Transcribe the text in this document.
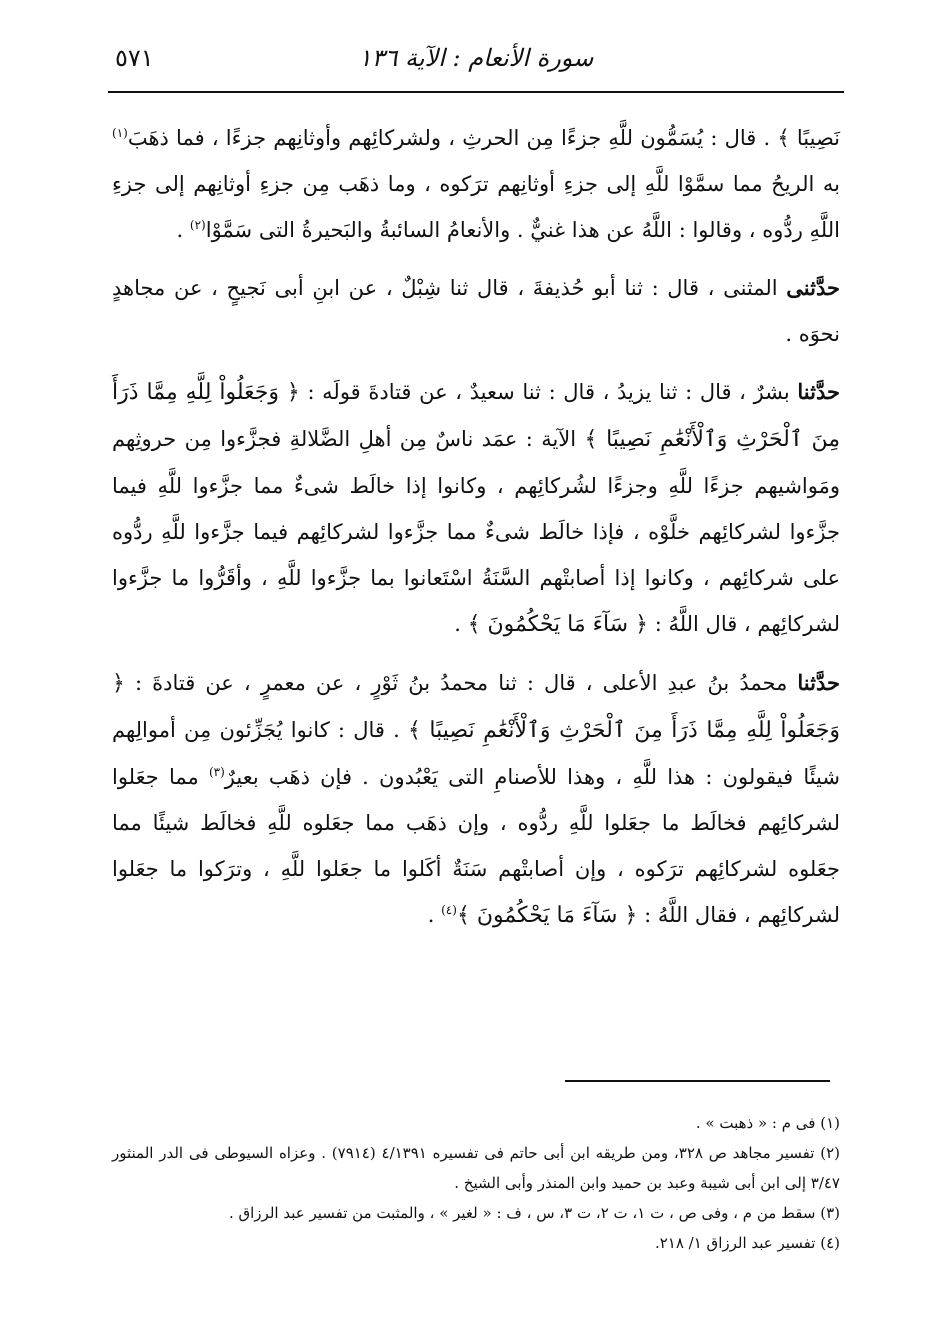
سورة الأنعام : الآية ١٣٦
٥٧١

نَصِيبًا ﴾ . قال : يُسَمُّون للَّهِ جزءًا مِن الحرثِ ، ولشركائِهم وأوثانِهم جزءًا ، فما ذهَبَ$^{(١)}$ به الريحُ مما سمَّوْا للَّهِ إلى جزءِ أوثانِهم ترَكوه ، وما ذهَب مِن جزءِ أوثانِهم إلى جزءِ اللَّهِ ردُّوه ، وقالوا : اللَّهُ عن هذا غنيٌّ . والأنعامُ السائبةُ والبَحيرةُ التى سَمَّوْا$^{(٢)}$ .

حدَّثنى المثنى ، قال : ثنا أبو حُذيفةَ ، قال ثنا شِبْلٌ ، عن ابنِ أبى نَجيحٍ ، عن مجاهدٍ نحوَه .

حدَّثنا بشرٌ ، قال : ثنا يزيدُ ، قال : ثنا سعيدٌ ، عن قتادةَ قولَه : ﴿ وَجَعَلُواْ لِلَّهِ مِمَّا ذَرَأَ مِنَ ٱلْحَرْثِ وَٱلْأَنْعَٰمِ نَصِيبًا ﴾ الآية : عمَد ناسٌ مِن أهلِ الضَّلالةِ فجزَّءوا مِن حروثِهم ومَواشيهم جزءًا للَّهِ وجزءًا لشُركائِهم ، وكانوا إذا خالَط شىءٌ مما جزَّءوا للَّهِ فيما جزَّءوا لشركائِهم خلَّوْه ، فإذا خالَط شىءٌ مما جزَّءوا لشركائِهم فيما جزَّءوا للَّهِ ردُّوه على شركائِهم ، وكانوا إذا أصابتْهم السَّنَةُ اسْتَعانوا بما جزَّءوا للَّهِ ، وأقَرُّوا ما جزَّءوا لشركائِهم ، قال اللَّهُ : ﴿ سَآءَ مَا يَحْكُمُونَ ﴾ .

حدَّثنا محمدُ بنُ عبدِ الأعلى ، قال : ثنا محمدُ بنُ ثَوْرٍ ، عن معمرٍ ، عن قتادةَ : ﴿ وَجَعَلُواْ لِلَّهِ مِمَّا ذَرَأَ مِنَ ٱلْحَرْثِ وَٱلْأَنْعَٰمِ نَصِيبًا ﴾ . قال : كانوا يُجَزِّئون مِن أموالِهم شيئًا فيقولون : هذا للَّهِ ، وهذا للأصنامِ التى يَعْبُدون . فإن ذهَب بعيرٌ$^{(٣)}$ مما جعَلوا لشركائِهم فخالَط ما جعَلوا للَّهِ ردُّوه ، وإن ذهَب مما جعَلوه للَّهِ فخالَط شيئًا مما جعَلوه لشركائِهم ترَكوه ، وإن أصابتْهم سَنَةٌ أكَلوا ما جعَلوا للَّهِ ، وترَكوا ما جعَلوا لشركائِهم ، فقال اللَّهُ : ﴿ سَآءَ مَا يَحْكُمُونَ ﴾$^{(٤)}$ .

(١) فى م : « ذهبت » .

(٢) تفسير مجاهد ص ٣٢٨، ومن طريقه ابن أبى حاتم فى تفسيره ٤/١٣٩١ (٧٩١٤) . وعزاه السيوطى فى الدر المنثور ٣/٤٧ إلى ابن أبى شيبة وعبد بن حميد وابن المنذر وأبى الشيخ .

(٣) سقط من م ، وفى ص ، ت ١، ت ٢، ت ٣، س ، ف : « لغير » ، والمثبت من تفسير عبد الرزاق .

(٤) تفسير عبد الرزاق ١/ ٢١٨.
